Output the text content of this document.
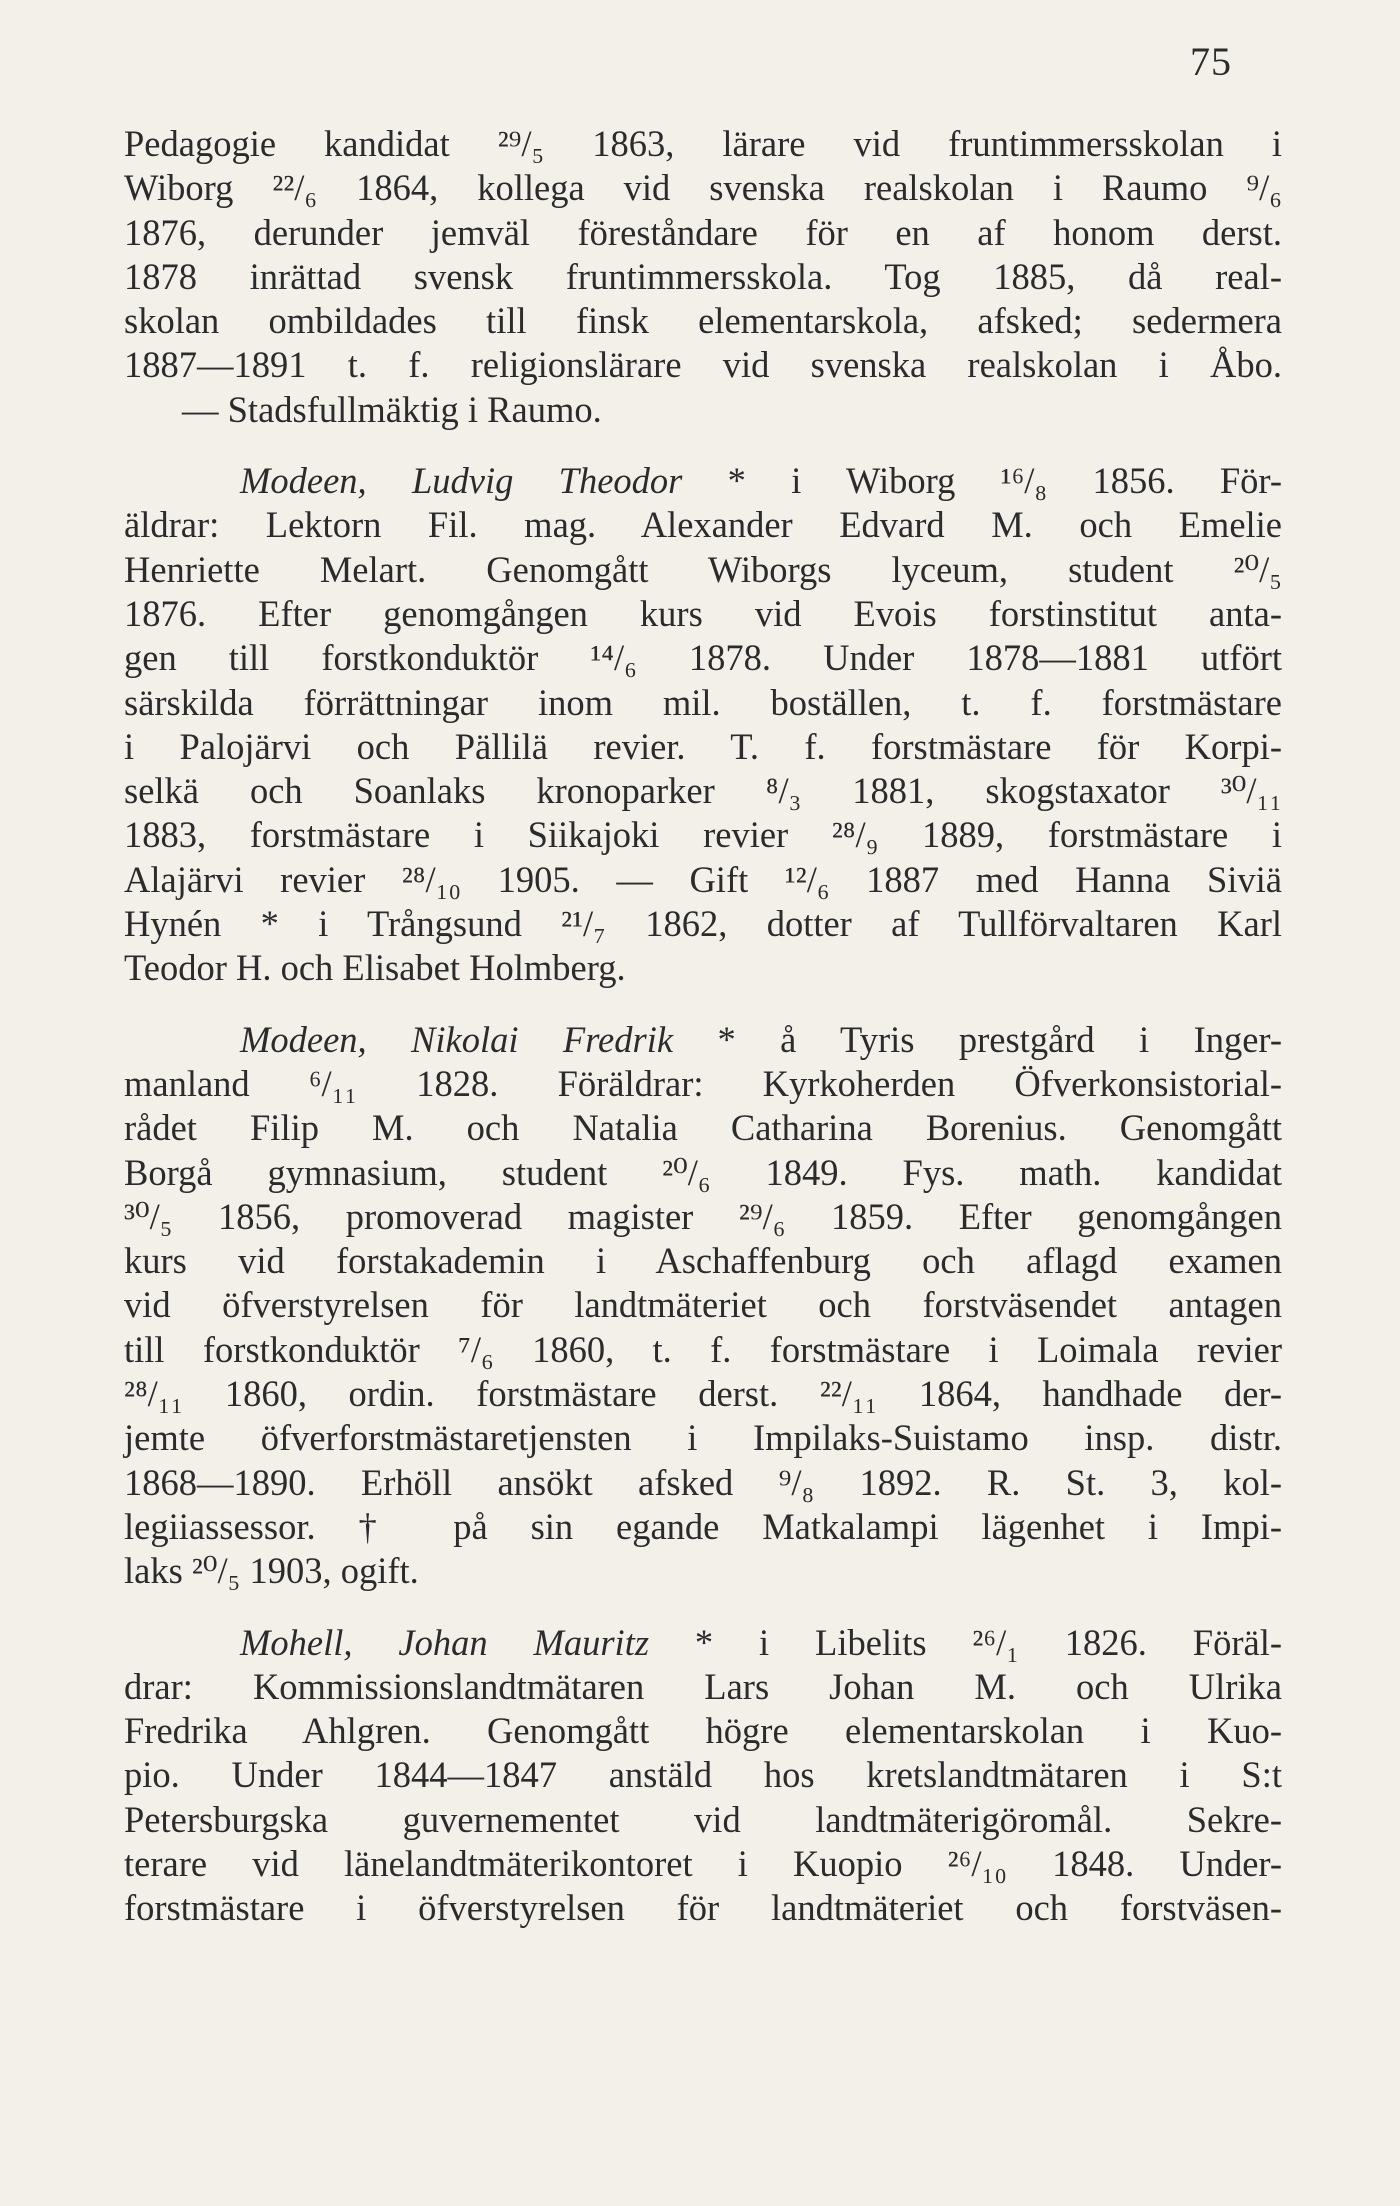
75
Pedagogie kandidat ²⁹/₅ 1863, lärare vid fruntimmersskolan i
Wiborg ²²/₆ 1864, kollega vid svenska realskolan i Raumo ⁹/₆
1876, derunder jemväl föreståndare för en af honom derst.
1878 inrättad svensk fruntimmersskola. Tog 1885, då real-
skolan ombildades till finsk elementarskola, afsked; sedermera
1887—1891 t. f. religionslärare vid svenska realskolan i Åbo.
— Stadsfullmäktig i Raumo.
Modeen, Ludvig Theodor * i Wiborg ¹⁶/₈ 1856. För-
äldrar: Lektorn Fil. mag. Alexander Edvard M. och Emelie
Henriette Melart. Genomgått Wiborgs lyceum, student ²⁰/₅
1876. Efter genomgången kurs vid Evois forstinstitut anta-
gen till forstkonduktör ¹⁴/₆ 1878. Under 1878—1881 utfört
särskilda förrättningar inom mil. boställen, t. f. forstmästare
i Palojärvi och Pällilä revier. T. f. forstmästare för Korpi-
selkä och Soanlaks kronoparker ⁸/₃ 1881, skogstaxator ³⁰/₁₁
1883, forstmästare i Siikajoki revier ²⁸/₉ 1889, forstmästare i
Alajärvi revier ²⁸/₁₀ 1905. — Gift ¹²/₆ 1887 med Hanna Siviä
Hynén * i Trångsund ²¹/₇ 1862, dotter af Tullförvaltaren Karl
Teodor H. och Elisabet Holmberg.
Modeen, Nikolai Fredrik * å Tyris prestgård i Inger-
manland ⁶/₁₁ 1828. Föräldrar: Kyrkoherden Öfverkonsistorial-
rådet Filip M. och Natalia Catharina Borenius. Genomgått
Borgå gymnasium, student ²⁰/₆ 1849. Fys. math. kandidat
³⁰/₅ 1856, promoverad magister ²⁹/₆ 1859. Efter genomgången
kurs vid forstakademin i Aschaffenburg och aflagd examen
vid öfverstyrelsen för landtmäteriet och forstväsendet antagen
till forstkonduktör ⁷/₆ 1860, t. f. forstmästare i Loimala revier
²⁸/₁₁ 1860, ordin. forstmästare derst. ²²/₁₁ 1864, handhade der-
jemte öfverforstmästaretjensten i Impilaks-Suistamo insp. distr.
1868—1890. Erhöll ansökt afsked ⁹/₈ 1892. R. St. 3, kol-
legiiassessor. † på sin egande Matkalampi lägenhet i Impi-
laks ²⁰/₅ 1903, ogift.
Mohell, Johan Mauritz * i Libelits ²⁶/₁ 1826. Föräl-
drar: Kommissionslandtmätaren Lars Johan M. och Ulrika
Fredrika Ahlgren. Genomgått högre elementarskolan i Kuo-
pio. Under 1844—1847 anstäld hos kretslandtmätaren i S:t
Petersburgska guvernementet vid landtmäterigöromål. Sekre-
terare vid länelandtmäterikontoret i Kuopio ²⁶/₁₀ 1848. Under-
forstmästare i öfverstyrelsen för landtmäteriet och forstväsen-
